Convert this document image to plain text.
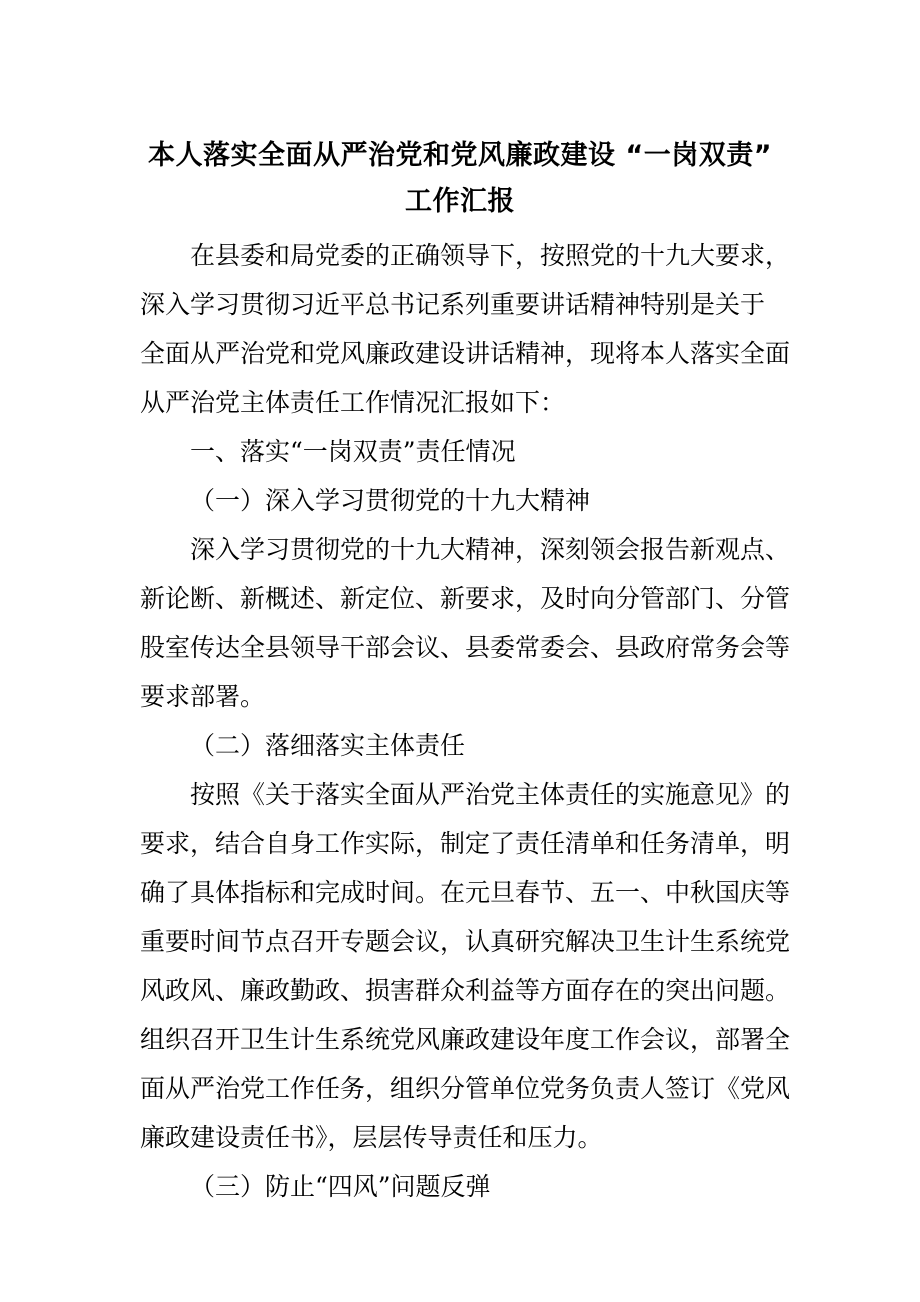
本人落实全面从严治党和党风廉政建设 “一岗双责”
工作汇报
在县委和局党委的正确领导下，按照党的十九大要求，
深入学习贯彻习近平总书记系列重要讲话精神特别是关于
全面从严治党和党风廉政建设讲话精神，现将本人落实全面
从严治党主体责任工作情况汇报如下：
一、落实“一岗双责”责任情况
（一）深入学习贯彻党的十九大精神
深入学习贯彻党的十九大精神，深刻领会报告新观点、
新论断、新概述、新定位、新要求，及时向分管部门、分管
股室传达全县领导干部会议、县委常委会、县政府常务会等
要求部署。
（二）落细落实主体责任
按照《关于落实全面从严治党主体责任的实施意见》的
要求，结合自身工作实际，制定了责任清单和任务清单，明
确了具体指标和完成时间。在元旦春节、五一、中秋国庆等
重要时间节点召开专题会议，认真研究解决卫生计生系统党
风政风、廉政勤政、损害群众利益等方面存在的突出问题。
组织召开卫生计生系统党风廉政建设年度工作会议，部署全
面从严治党工作任务，组织分管单位党务负责人签订《党风
廉政建设责任书》，层层传导责任和压力。
（三）防止“四风”问题反弹
